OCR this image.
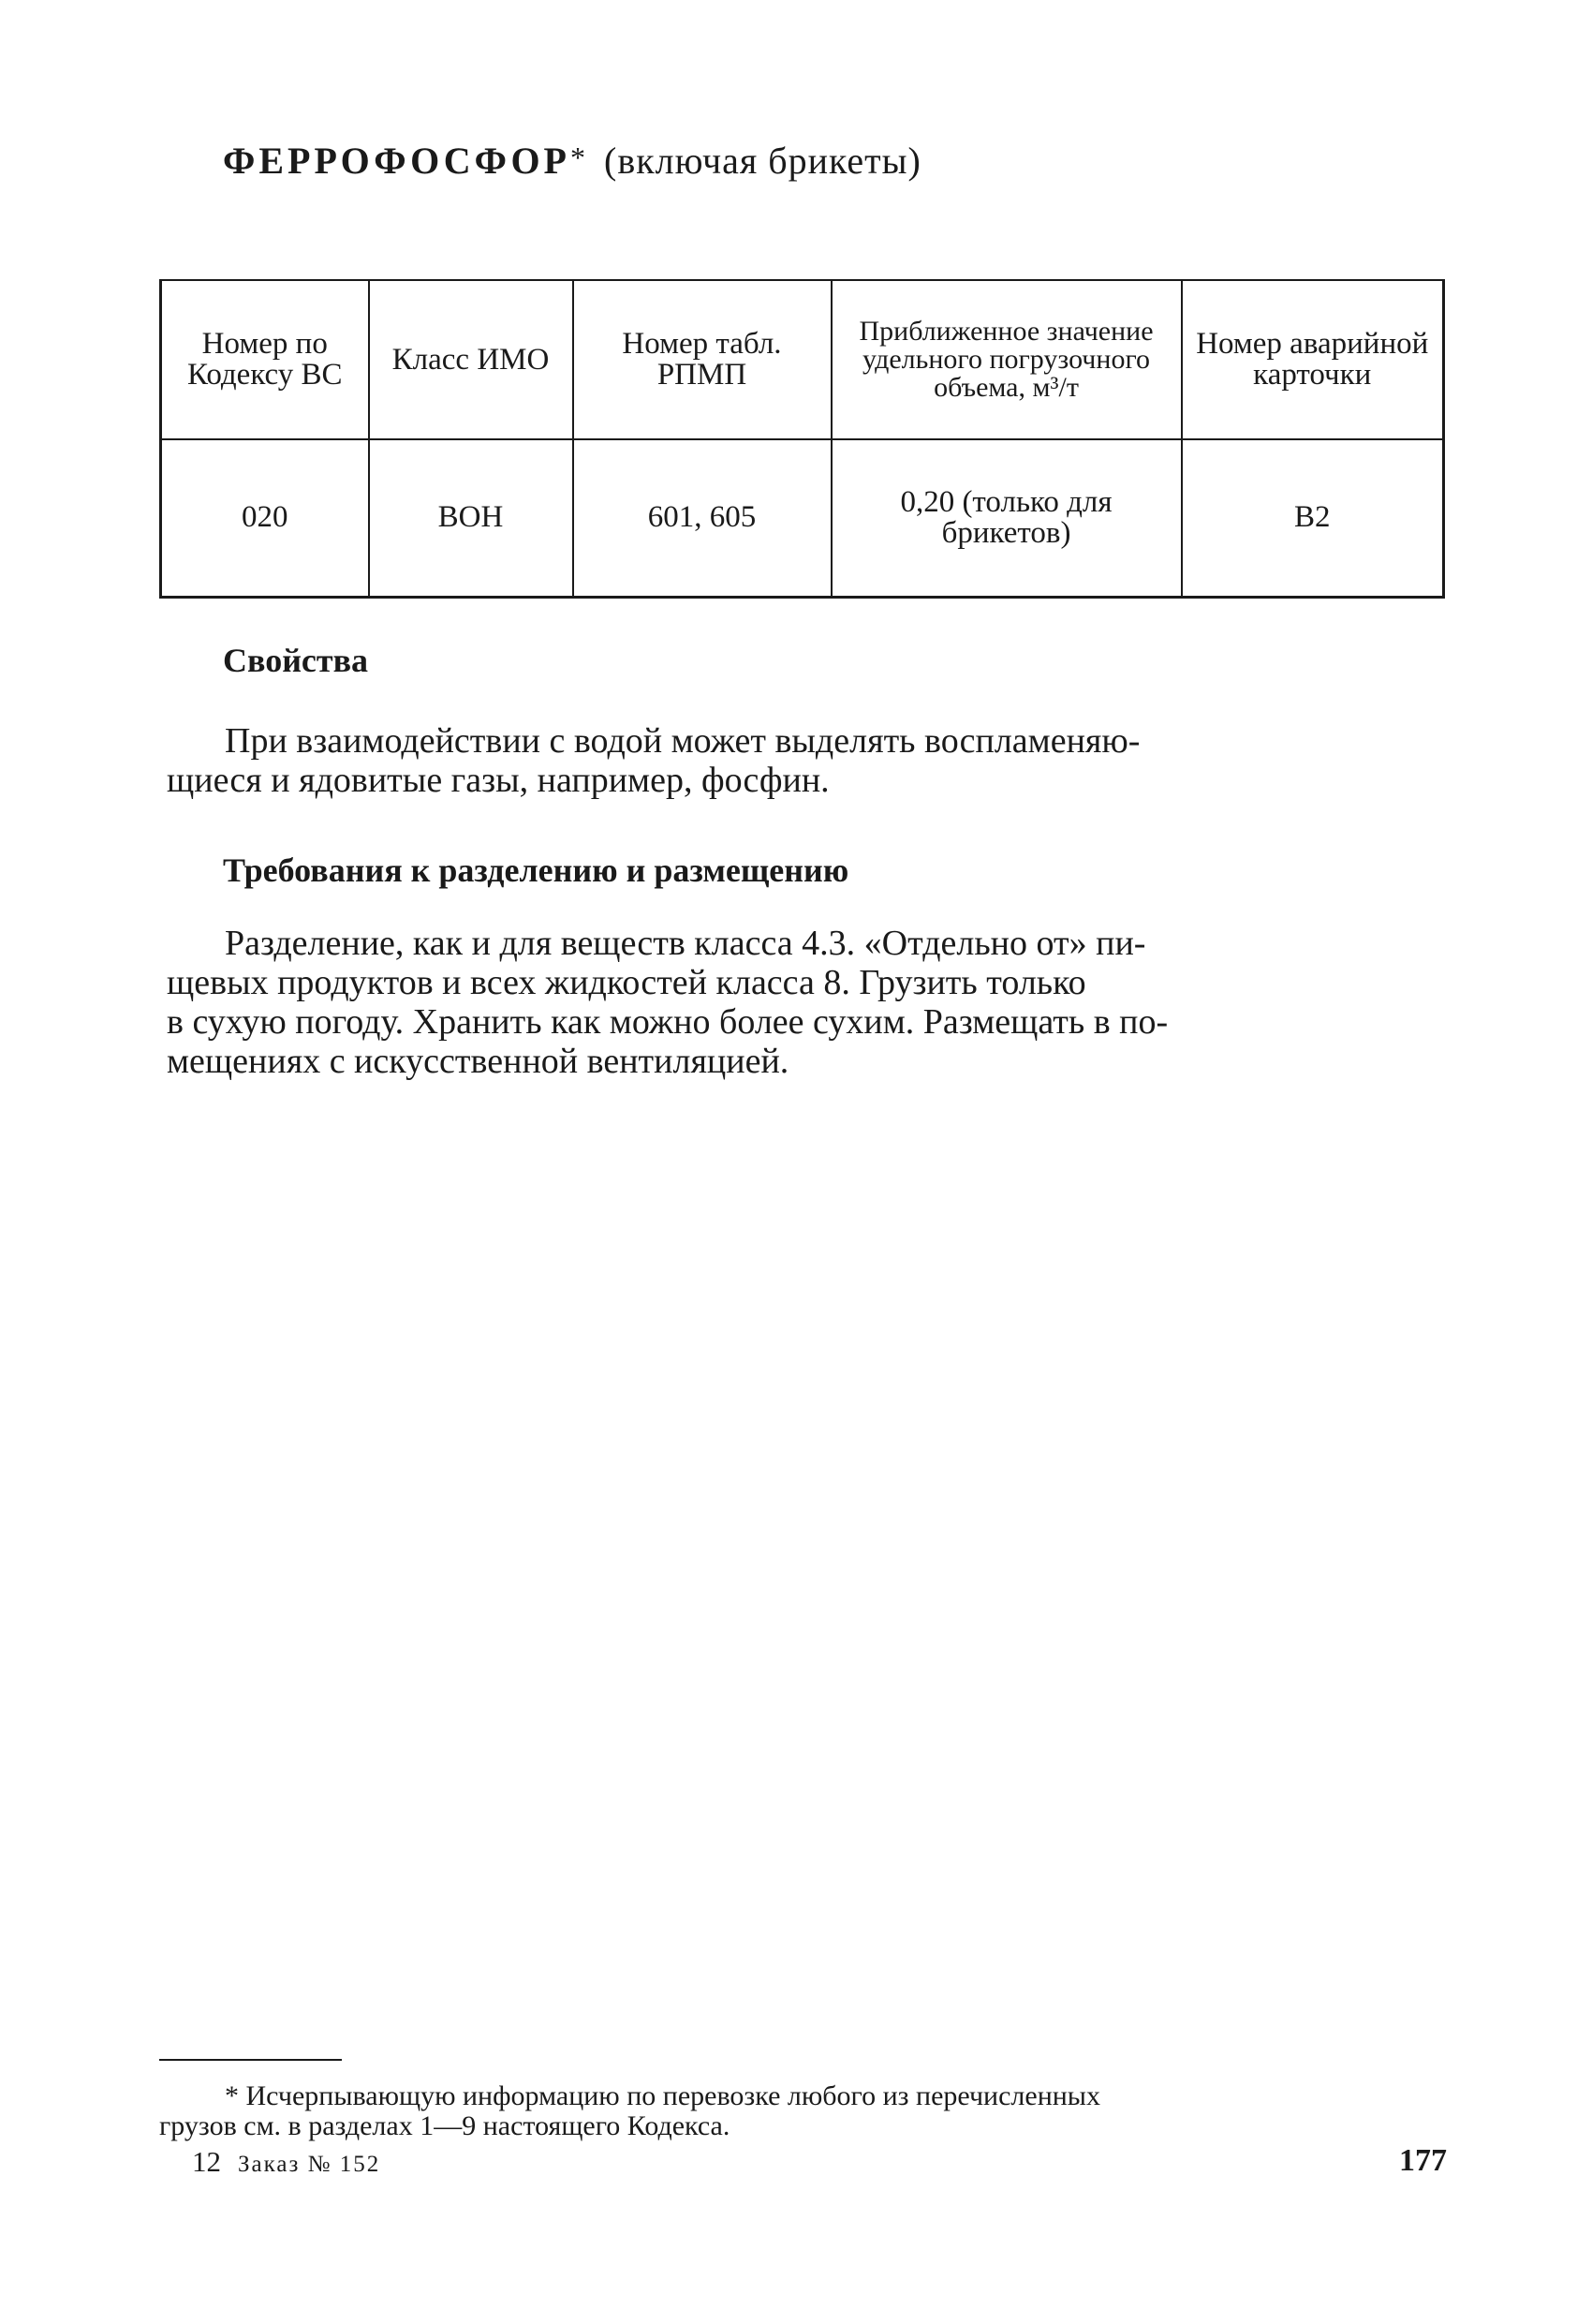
ФЕРРОФОСФОР* (включая брикеты)
Номер по Кодексу ВС	Класс ИМО	Номер табл. РПМП	Приближенное значение удельного погрузочного объема, м³/т	Номер аварийной карточки
020	ВОН	601, 605	0,20 (только для брикетов)	В2
Свойства
При взаимодействии с водой может выделять воспламеняю-
щиеся и ядовитые газы, например, фосфин.
Требования к разделению и размещению
Разделение, как и для веществ класса 4.3. «Отдельно от» пи-
щевых продуктов и всех жидкостей класса 8. Грузить только
в сухую погоду. Хранить как можно более сухим. Размещать в по-
мещениях с искусственной вентиляцией.
* Исчерпывающую информацию по перевозке любого из перечисленных
грузов см. в разделах 1—9 настоящего Кодекса.
12 Заказ № 152	177
